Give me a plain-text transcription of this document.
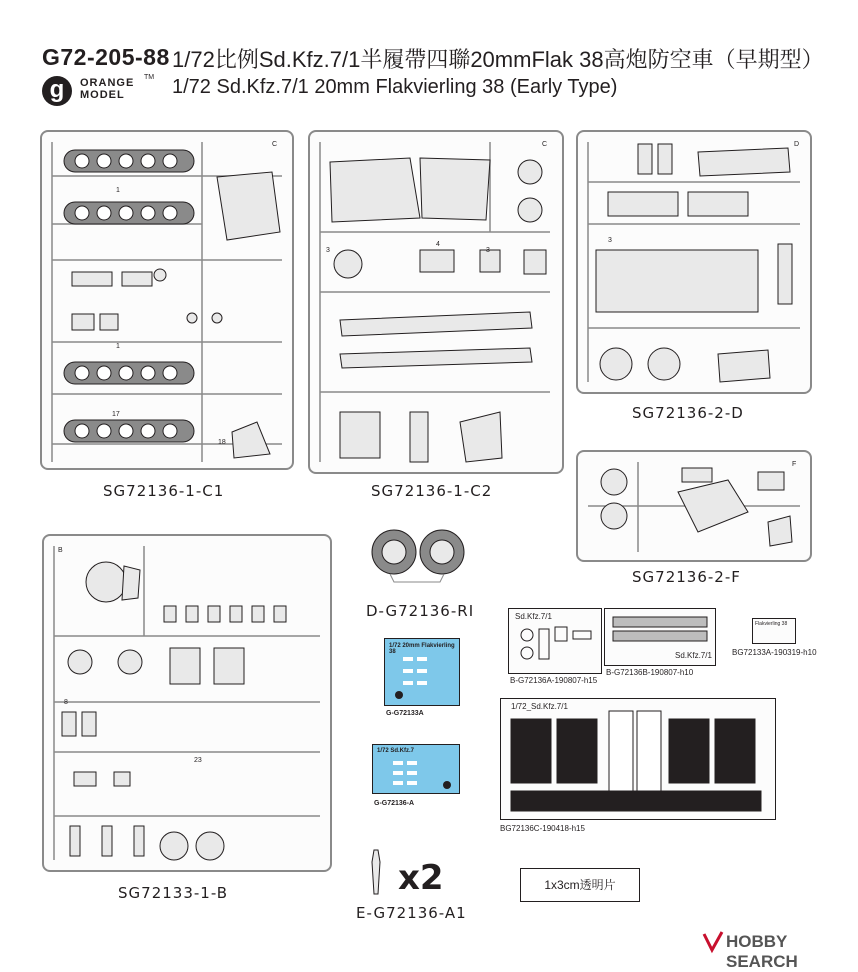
G72-205-88 1/72比例Sd.Kfz.7/1半履帶四聯20mmFlak 38高炮防空車（早期型）
1/72 Sd.Kfz.7/1 20mm Flakvierling 38 (Early Type)
g	ORANGE
MODEL
TM
C
1
1
17
18
SG72136-1-C1
C
3	3
4
SG72136-1-C2
D
3
SG72136-2-D
F
SG72136-2-F
B
8
23
SG72133-1-B
D-G72136-RI
1/72 20mm Flakvierling 38
G-G72133A
1/72 Sd.Kfz.7
G-G72136-A
Sd.Kfz.7/1
B-G72136A-190807-h15
Sd.Kfz.7/1
B-G72136B-190807-h10
Flakvierling 38
BG72133A-190319-h10
1/72_Sd.Kfz.7/1
BG72136C-190418-h15
x2
E-G72136-A1
1x3cm透明片
HOBBY SEARCH
